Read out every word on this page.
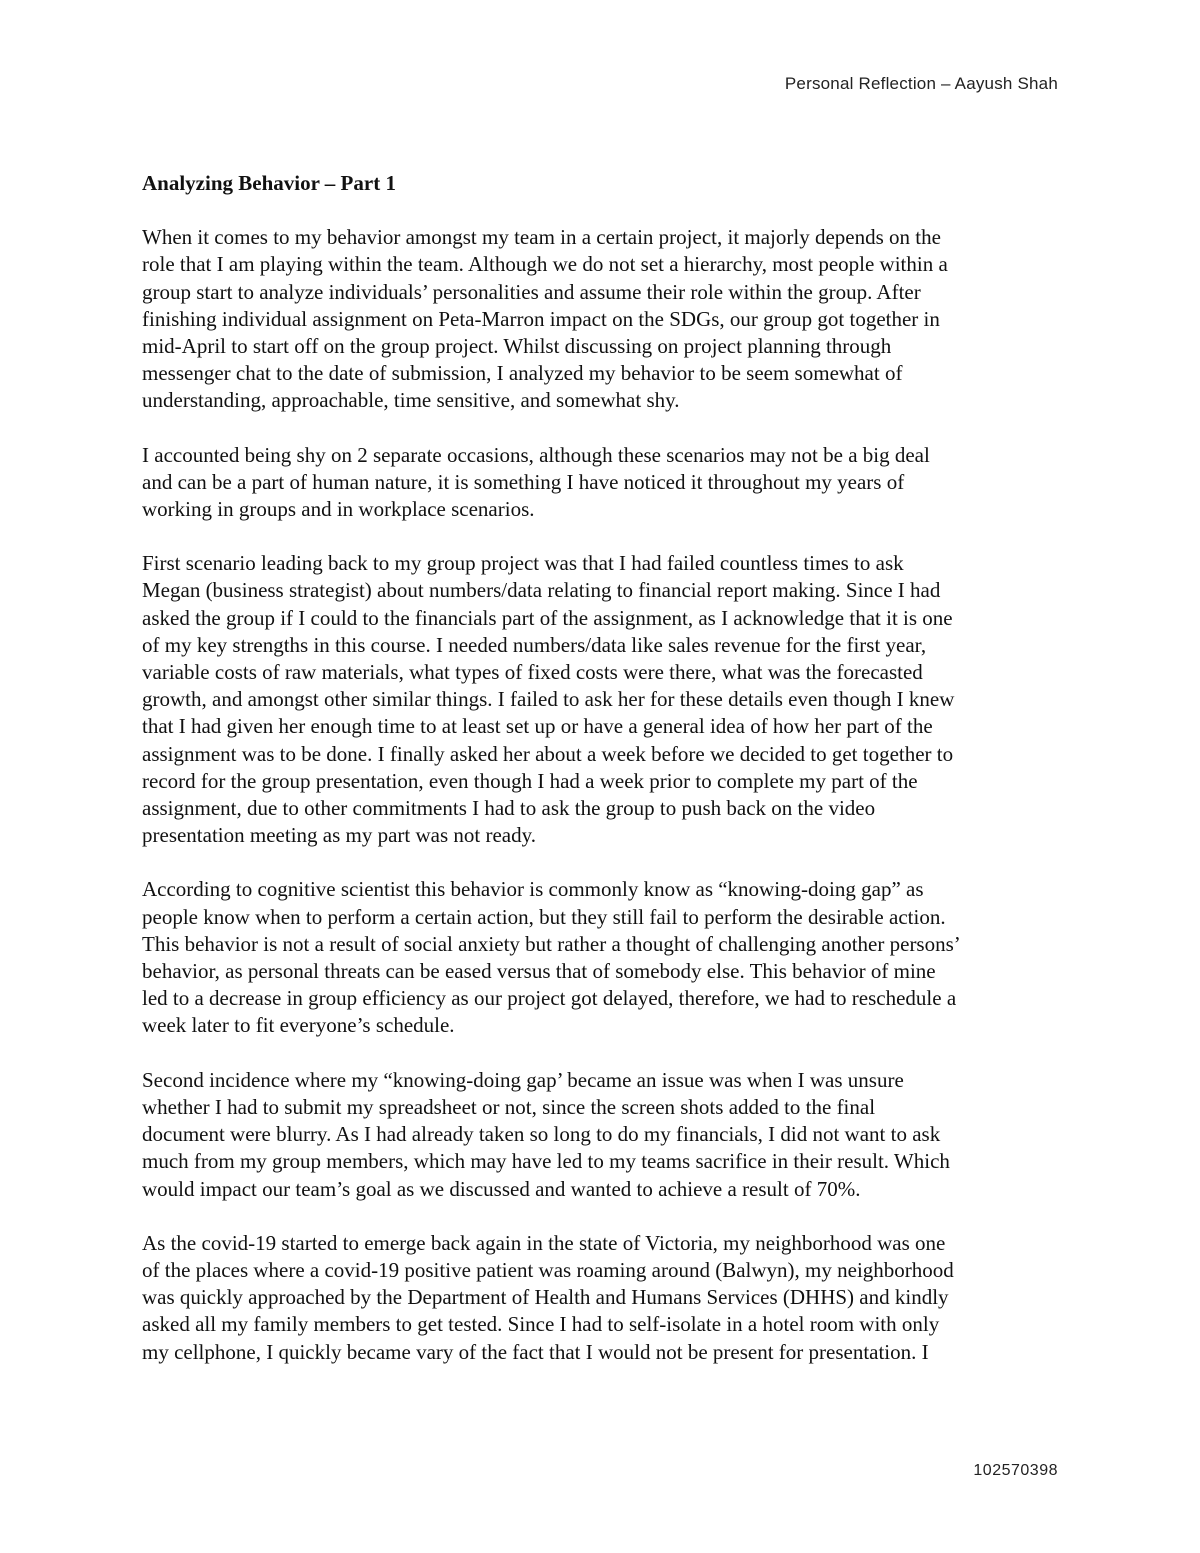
Personal Reflection – Aayush Shah
Analyzing Behavior – Part 1
When it comes to my behavior amongst my team in a certain project, it majorly depends on the
role that I am playing within the team. Although we do not set a hierarchy, most people within a
group start to analyze individuals’ personalities and assume their role within the group. After
finishing individual assignment on Peta-Marron impact on the SDGs, our group got together in
mid-April to start off on the group project. Whilst discussing on project planning through
messenger chat to the date of submission, I analyzed my behavior to be seem somewhat of
understanding, approachable, time sensitive, and somewhat shy.
I accounted being shy on 2 separate occasions, although these scenarios may not be a big deal
and can be a part of human nature, it is something I have noticed it throughout my years of
working in groups and in workplace scenarios.
First scenario leading back to my group project was that I had failed countless times to ask
Megan (business strategist) about numbers/data relating to financial report making. Since I had
asked the group if I could to the financials part of the assignment, as I acknowledge that it is one
of my key strengths in this course. I needed numbers/data like sales revenue for the first year,
variable costs of raw materials, what types of fixed costs were there, what was the forecasted
growth, and amongst other similar things. I failed to ask her for these details even though I knew
that I had given her enough time to at least set up or have a general idea of how her part of the
assignment was to be done. I finally asked her about a week before we decided to get together to
record for the group presentation, even though I had a week prior to complete my part of the
assignment, due to other commitments I had to ask the group to push back on the video
presentation meeting as my part was not ready.
According to cognitive scientist this behavior is commonly know as “knowing-doing gap” as
people know when to perform a certain action, but they still fail to perform the desirable action.
This behavior is not a result of social anxiety but rather a thought of challenging another persons’
behavior, as personal threats can be eased versus that of somebody else. This behavior of mine
led to a decrease in group efficiency as our project got delayed, therefore, we had to reschedule a
week later to fit everyone’s schedule.
Second incidence where my “knowing-doing gap’ became an issue was when I was unsure
whether I had to submit my spreadsheet or not, since the screen shots added to the final
document were blurry. As I had already taken so long to do my financials, I did not want to ask
much from my group members, which may have led to my teams sacrifice in their result. Which
would impact our team’s goal as we discussed and wanted to achieve a result of 70%.
As the covid-19 started to emerge back again in the state of Victoria, my neighborhood was one
of the places where a covid-19 positive patient was roaming around (Balwyn), my neighborhood
was quickly approached by the Department of Health and Humans Services (DHHS) and kindly
asked all my family members to get tested. Since I had to self-isolate in a hotel room with only
my cellphone, I quickly became vary of the fact that I would not be present for presentation. I
102570398
